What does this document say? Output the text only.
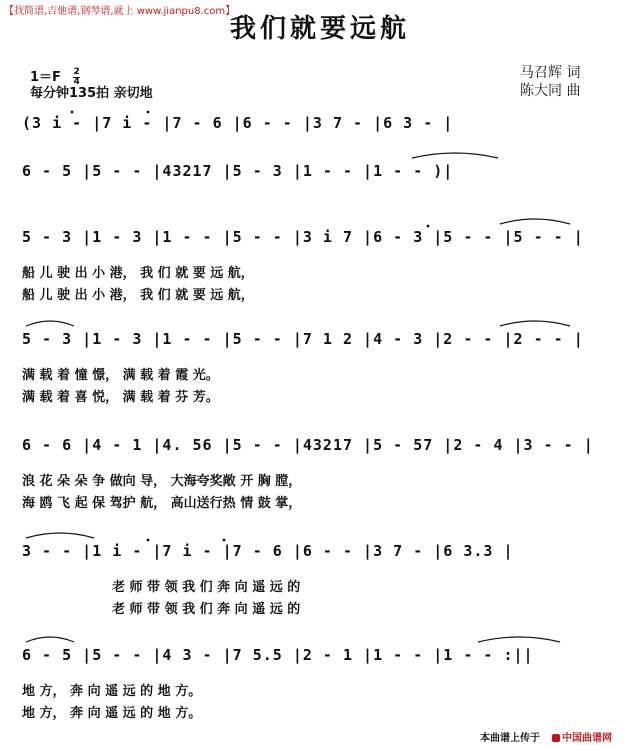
【找简谱,吉他谱,钢琴谱,就上 www.jianpu8.com】
我们就要远航
$1=F \frac{2}{4}$
每分钟135拍 亲切地
马召辉 词
陈大同 曲
(3 i - |7 i - |7 - 6 |6 - - |3 7 - |6 3 - |
6 - 5 |5 - - |43217 |5 - 3 |1 - - |1 - - )|
5 - 3 |1 - 3 |1 - - |5 - - |3 i 7 |6 - 3 |5 - - |5 - - |
船 儿 驶 出 小 港， 我 们 就 要 远 航，
船 儿 驶 出 小 港， 我 们 就 要 远 航，
5 - 3 |1 - 3 |1 - - |5 - - |7 1 2 |4 - 3 |2 - - |2 - - |
满 载 着 憧 憬， 满 载 着 霞 光。
满 载 着 喜 悦， 满 载 着 芬 芳。
6 - 6 |4 - 1 |4. 56 |5 - - |43217 |5 - 57 |2 - 4 |3 - - |
浪 花 朵 朵 争 做向 导， 大海夸奖敞 开 胸 膛，
海 鸥 飞 起 保 驾护 航， 高山送行热 情 鼓 掌，
3 - - |1 i - |7 i - |7 - 6 |6 - - |3 7 - |6 3.3 |
老 师 带 领 我 们 奔 向 遥 远 的
老 师 带 领 我 们 奔 向 遥 远 的
6 - 5 |5 - - |4 3 - |7 5.5 |2 - 1 |1 - - |1 - - :||
地 方， 奔 向 遥 远 的 地 方。
地 方， 奔 向 遥 远 的 地 方。
本曲谱上传于	中国曲谱网
